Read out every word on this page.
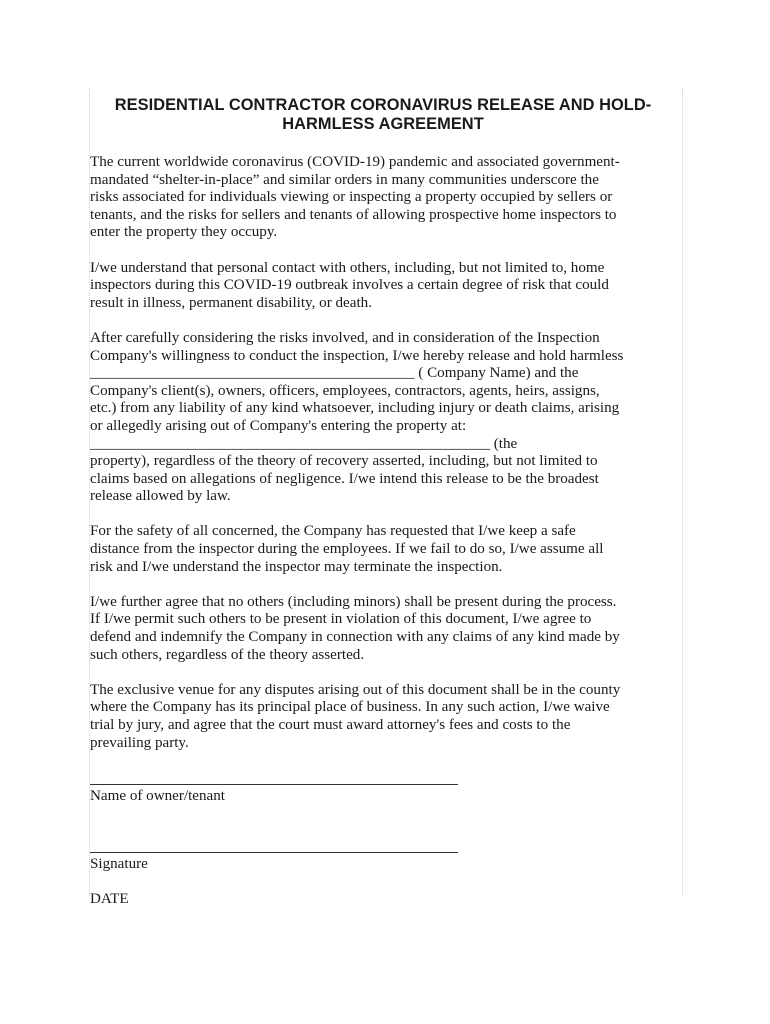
RESIDENTIAL CONTRACTOR CORONAVIRUS RELEASE AND HOLD-
HARMLESS AGREEMENT

The current worldwide coronavirus (COVID-19) pandemic and associated government-
mandated “shelter-in-place” and similar orders in many communities underscore the
risks associated for individuals viewing or inspecting a property occupied by sellers or
tenants, and the risks for sellers and tenants of allowing prospective home inspectors to
enter the property they occupy.

I/we understand that personal contact with others, including, but not limited to, home
inspectors during this COVID-19 outbreak involves a certain degree of risk that could
result in illness, permanent disability, or death.

After carefully considering the risks involved, and in consideration of the Inspection
Company's willingness to conduct the inspection, I/we hereby release and hold harmless
___________________________________________ ( Company Name) and the
Company's client(s), owners, officers, employees, contractors, agents, heirs, assigns,
etc.) from any liability of any kind whatsoever, including injury or death claims, arising
or allegedly arising out of Company's entering the property at:
_____________________________________________________ (the
property), regardless of the theory of recovery asserted, including, but not limited to
claims based on allegations of negligence. I/we intend this release to be the broadest
release allowed by law.

For the safety of all concerned, the Company has requested that I/we keep a safe
distance from the inspector during the employees. If we fail to do so, I/we assume all
risk and I/we understand the inspector may terminate the inspection.

I/we further agree that no others (including minors) shall be present during the process.
If I/we permit such others to be present in violation of this document, I/we agree to
defend and indemnify the Company in connection with any claims of any kind made by
such others, regardless of the theory asserted.

The exclusive venue for any disputes arising out of this document shall be in the county
where the Company has its principal place of business. In any such action, I/we waive
trial by jury, and agree that the court must award attorney's fees and costs to the
prevailing party.

Name of owner/tenant
Signature
DATE
